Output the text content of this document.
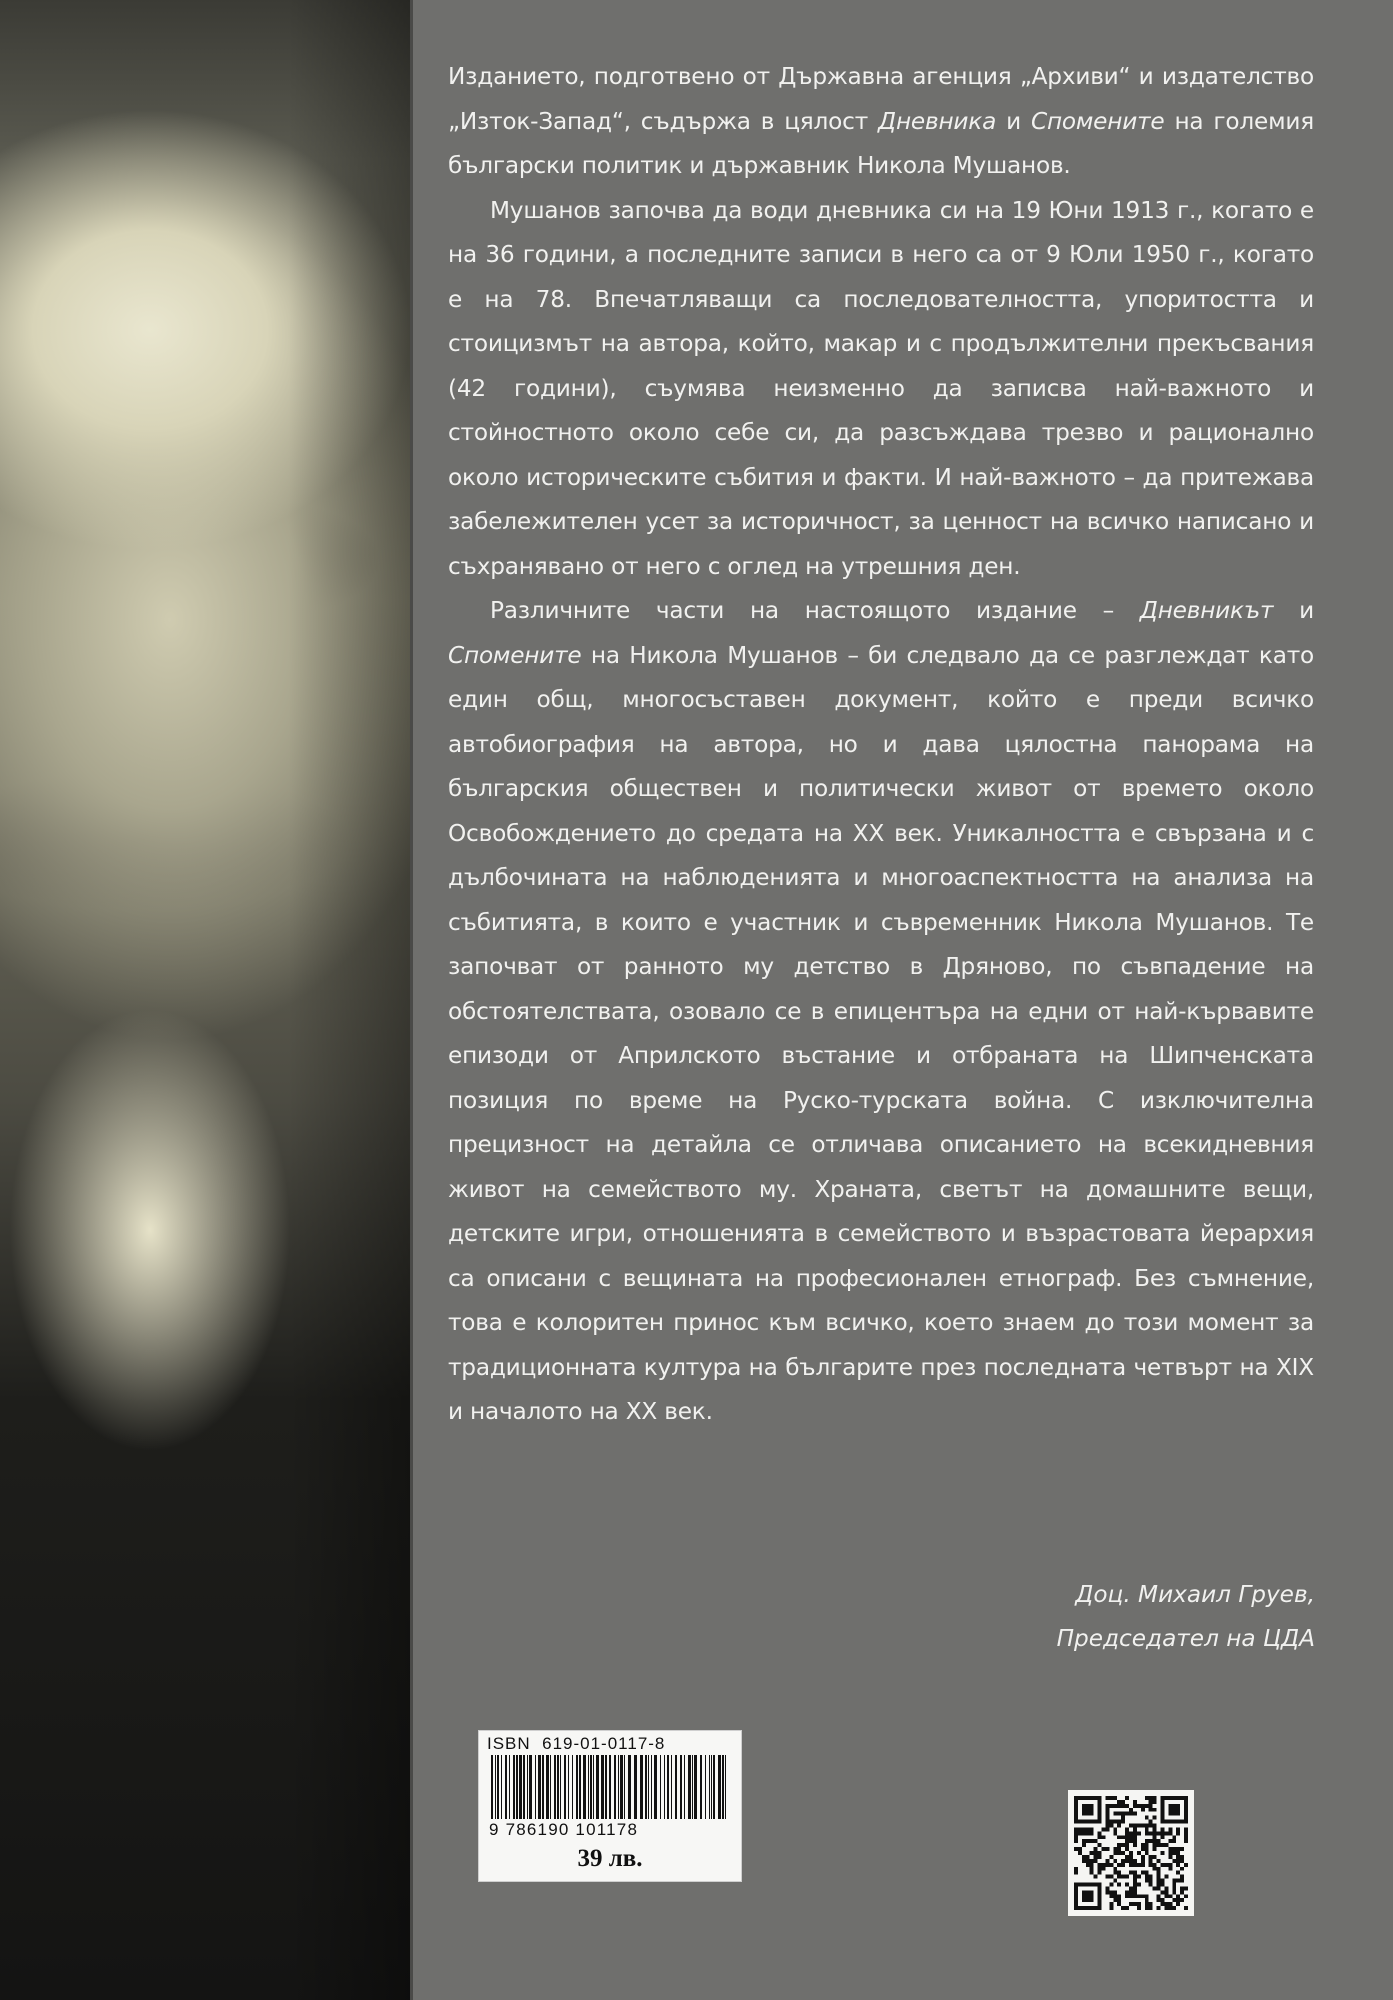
Изданието, подготвено от Държавна агенция „Архиви“ и издателство „Изток-Запад“, съдържа в цялост Дневника и Спомените на големия български политик и държавник Никола Мушанов.

Мушанов започва да води дневника си на 19 Юни 1913 г., когато е на 36 години, а последните записи в него са от 9 Юли 1950 г., когато е на 78. Впечатляващи са последователността, упоритостта и стоицизмът на автора, който, макар и с продължителни прекъсвания (42 години), съумява неизменно да записва най-важното и стойностното около себе си, да разсъждава трезво и рационално около историческите събития и факти. И най-важното – да притежава забележителен усет за историчност, за ценност на всичко написано и съхранявано от него с оглед на утрешния ден.

Различните части на настоящото издание – Дневникът и Спомените на Никола Мушанов – би следвало да се разглеждат като един общ, многосъставен документ, който е преди всичко автобиография на автора, но и дава цялостна панорама на българския обществен и политически живот от времето около Освобождението до средата на XX век. Уникалността е свързана и с дълбочината на наблюденията и многоаспектността на анализа на събитията, в които е участник и съвременник Никола Мушанов. Те започват от ранното му детство в Дряново, по съвпадение на обстоятелствата, озовало се в епицентъра на едни от най-кървавите епизоди от Априлското въстание и отбраната на Шипченската позиция по време на Руско-турската война. С изключителна прецизност на детайла се отличава описанието на всекидневния живот на семейството му. Храната, светът на домашните вещи, детските игри, отношенията в семейството и възрастовата йерархия са описани с вещината на професионален етнограф. Без съмнение, това е колоритен принос към всичко, което знаем до този момент за традиционната култура на българите през последната четвърт на XIX и началото на XX век.

Доц. Михаил Груев,
Председател на ЦДА
ISBN  619-01-0117-8
9 786190 101178
39 лв.
